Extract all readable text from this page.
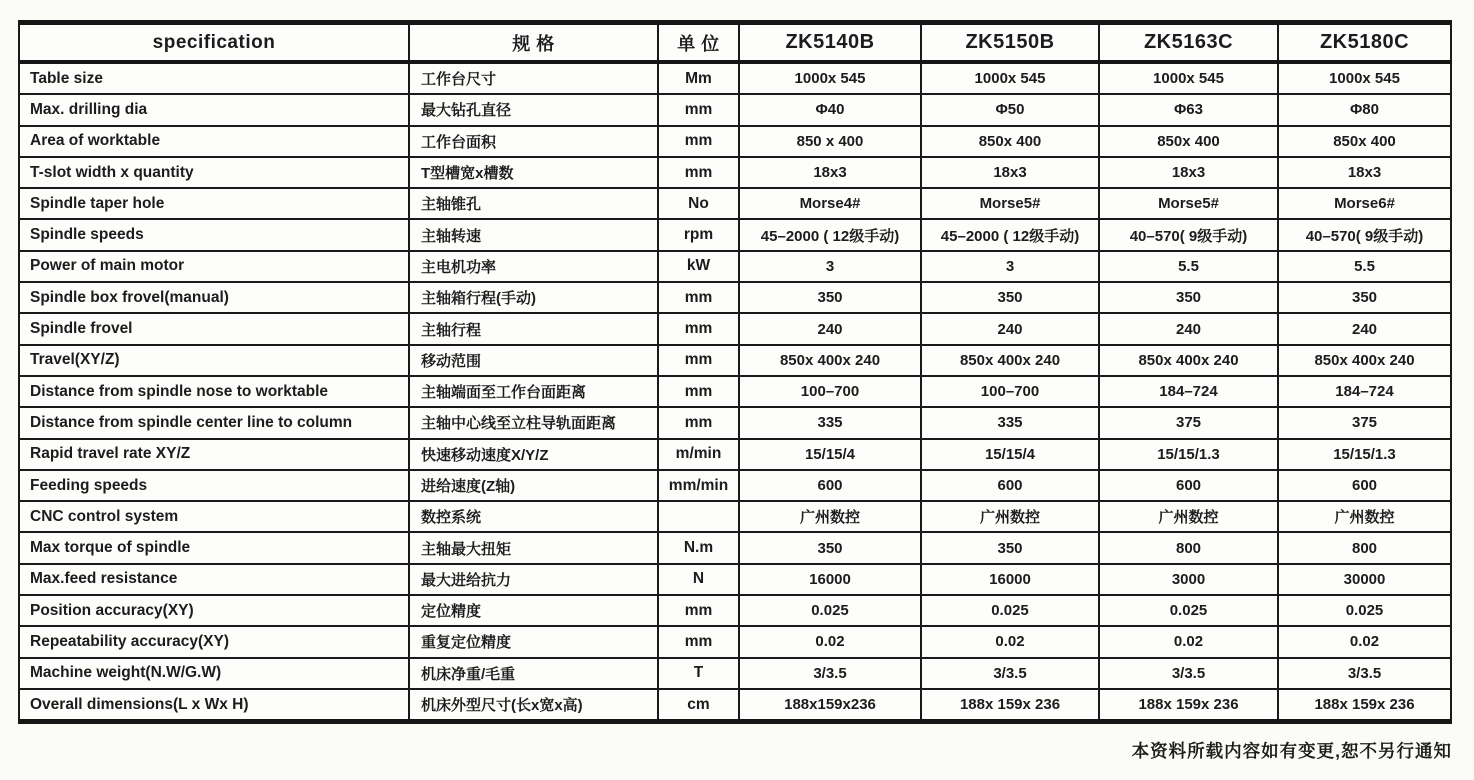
specification	规 格	单 位	ZK5140B	ZK5150B	ZK5163C	ZK5180C
Table size	工作台尺寸	Mm	1000x 545	1000x 545	1000x 545	1000x 545
Max. drilling dia	最大钻孔直径	mm	Φ40	Φ50	Φ63	Φ80
Area of worktable	工作台面积	mm	850 x 400	850x 400	850x 400	850x 400
T-slot width x quantity	T型槽宽x槽数	mm	18x3	18x3	18x3	18x3
Spindle taper hole	主轴锥孔	No	Morse4#	Morse5#	Morse5#	Morse6#
Spindle speeds	主轴转速	rpm	45–2000 ( 12级手动)	45–2000 ( 12级手动)	40–570( 9级手动)	40–570( 9级手动)
Power of main motor	主电机功率	kW	3	3	5.5	5.5
Spindle box frovel(manual)	主轴箱行程(手动)	mm	350	350	350	350
Spindle frovel	主轴行程	mm	240	240	240	240
Travel(XY/Z)	移动范围	mm	850x 400x 240	850x 400x 240	850x 400x 240	850x 400x 240
Distance from spindle nose to worktable	主轴端面至工作台面距离	mm	100–700	100–700	184–724	184–724
Distance from spindle center line to column	主轴中心线至立柱导轨面距离	mm	335	335	375	375
Rapid travel rate XY/Z	快速移动速度X/Y/Z	m/min	15/15/4	15/15/4	15/15/1.3	15/15/1.3
Feeding speeds	进给速度(Z轴)	mm/min	600	600	600	600
CNC control system	数控系统		广州数控	广州数控	广州数控	广州数控
Max torque of spindle	主轴最大扭矩	N.m	350	350	800	800
Max.feed resistance	最大进给抗力	N	16000	16000	3000	30000
Position accuracy(XY)	定位精度	mm	0.025	0.025	0.025	0.025
Repeatability accuracy(XY)	重复定位精度	mm	0.02	0.02	0.02	0.02
Machine weight(N.W/G.W)	机床净重/毛重	T	3/3.5	3/3.5	3/3.5	3/3.5
Overall dimensions(L x Wx H)	机床外型尺寸(长x宽x高)	cm	188x159x236	188x 159x 236	188x 159x 236	188x 159x 236
本资料所载内容如有变更,恕不另行通知
